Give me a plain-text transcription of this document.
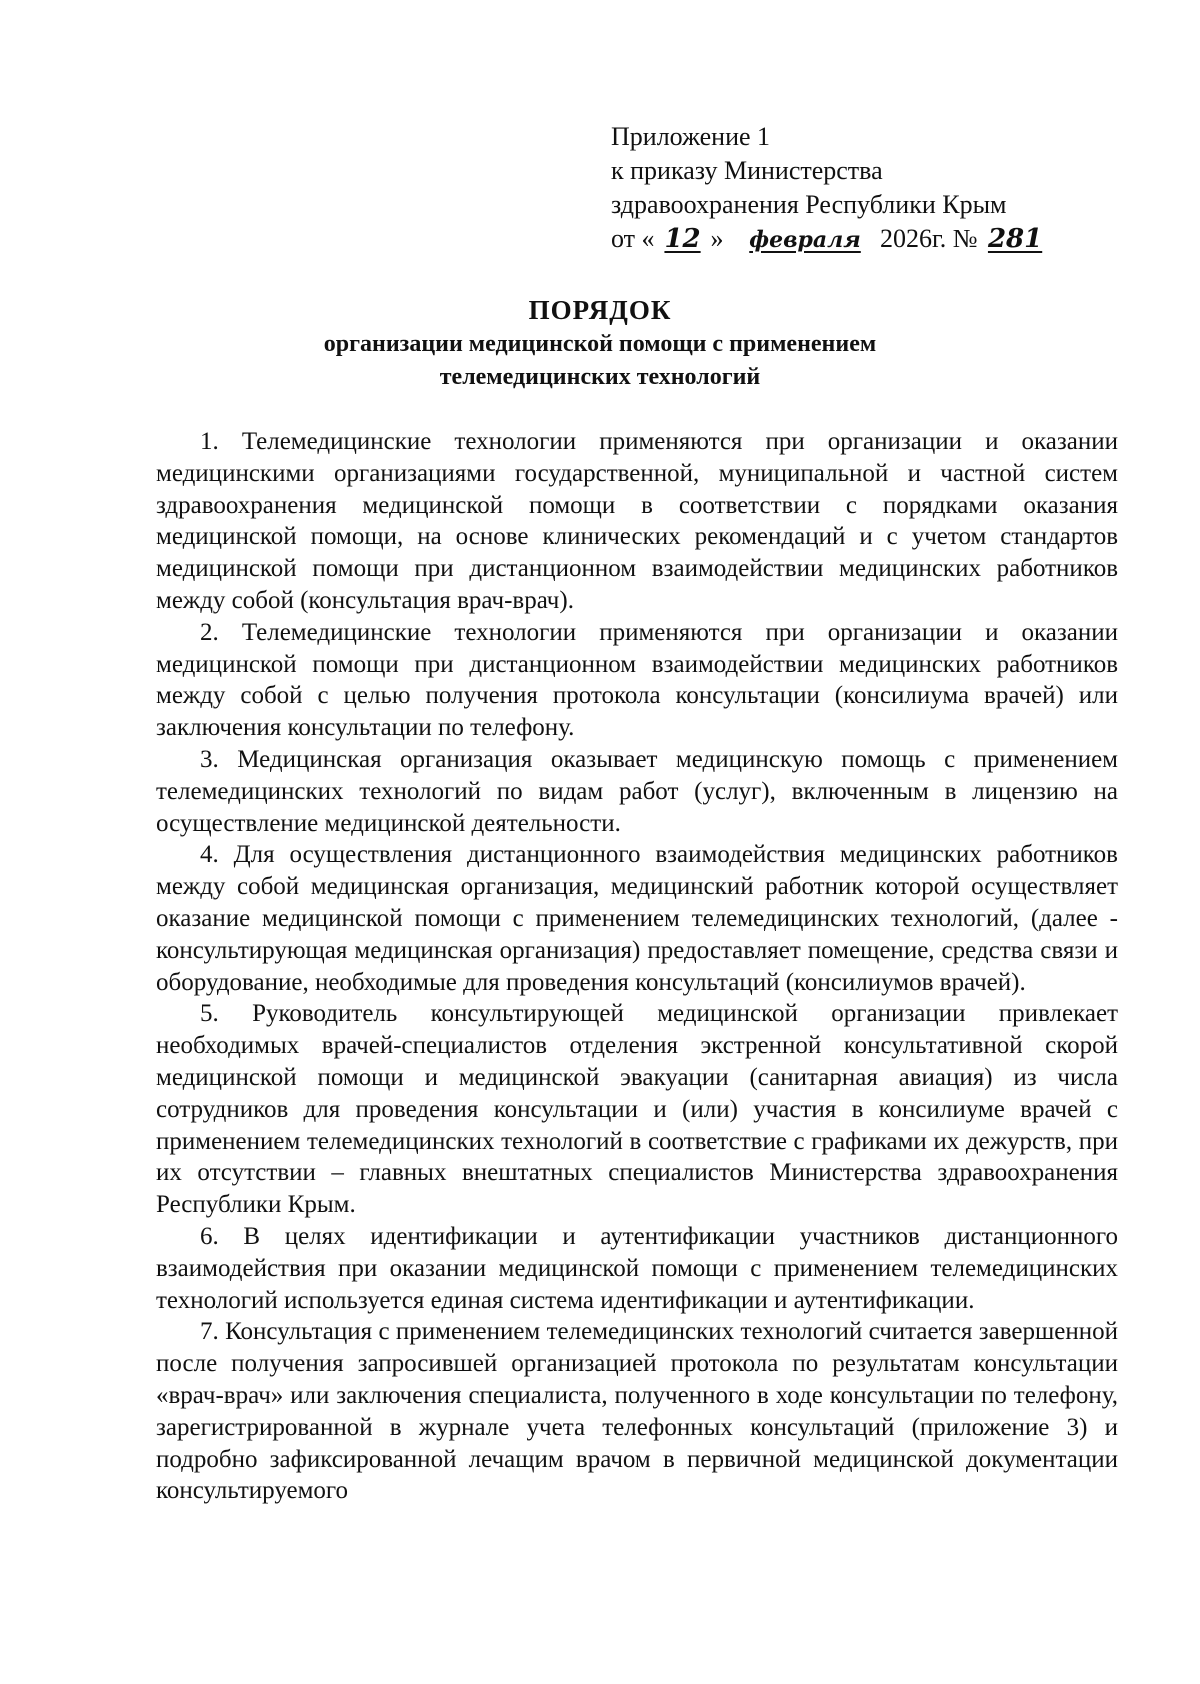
Приложение 1
к приказу Министерства
здравоохранения Республики Крым
от « 12 » февраля 2026г. № 281
ПОРЯДОК
организации медицинской помощи с применением
телемедицинских технологий

1. Телемедицинские технологии применяются при организации и оказании медицинскими организациями государственной, муниципальной и частной систем здравоохранения медицинской помощи в соответствии с порядками оказания медицинской помощи, на основе клинических рекомендаций и с учетом стандартов медицинской помощи при дистанционном взаимодействии медицинских работников между собой (консультация врач-врач).

2. Телемедицинские технологии применяются при организации и оказании медицинской помощи при дистанционном взаимодействии медицинских работников между собой с целью получения протокола консультации (консилиума врачей) или заключения консультации по телефону.

3. Медицинская организация оказывает медицинскую помощь с применением телемедицинских технологий по видам работ (услуг), включенным в лицензию на осуществление медицинской деятельности.

4. Для осуществления дистанционного взаимодействия медицинских работников между собой медицинская организация, медицинский работник которой осуществляет оказание медицинской помощи с применением телемедицинских технологий, (далее - консультирующая медицинская организация) предоставляет помещение, средства связи и оборудование, необходимые для проведения консультаций (консилиумов врачей).

5. Руководитель консультирующей медицинской организации привлекает необходимых врачей-специалистов отделения экстренной консультативной скорой медицинской помощи и медицинской эвакуации (санитарная авиация) из числа сотрудников для проведения консультации и (или) участия в консилиуме врачей с применением телемедицинских технологий в соответствие с графиками их дежурств, при их отсутствии – главных внештатных специалистов Министерства здравоохранения Республики Крым.

6. В целях идентификации и аутентификации участников дистанционного взаимодействия при оказании медицинской помощи с применением телемедицинских технологий используется единая система идентификации и аутентификации.

7. Консультация с применением телемедицинских технологий считается завершенной после получения запросившей организацией протокола по результатам консультации «врач-врач» или заключения специалиста, полученного в ходе консультации по телефону, зарегистрированной в журнале учета телефонных консультаций (приложение 3) и подробно зафиксированной лечащим врачом в первичной медицинской документации консультируемого
